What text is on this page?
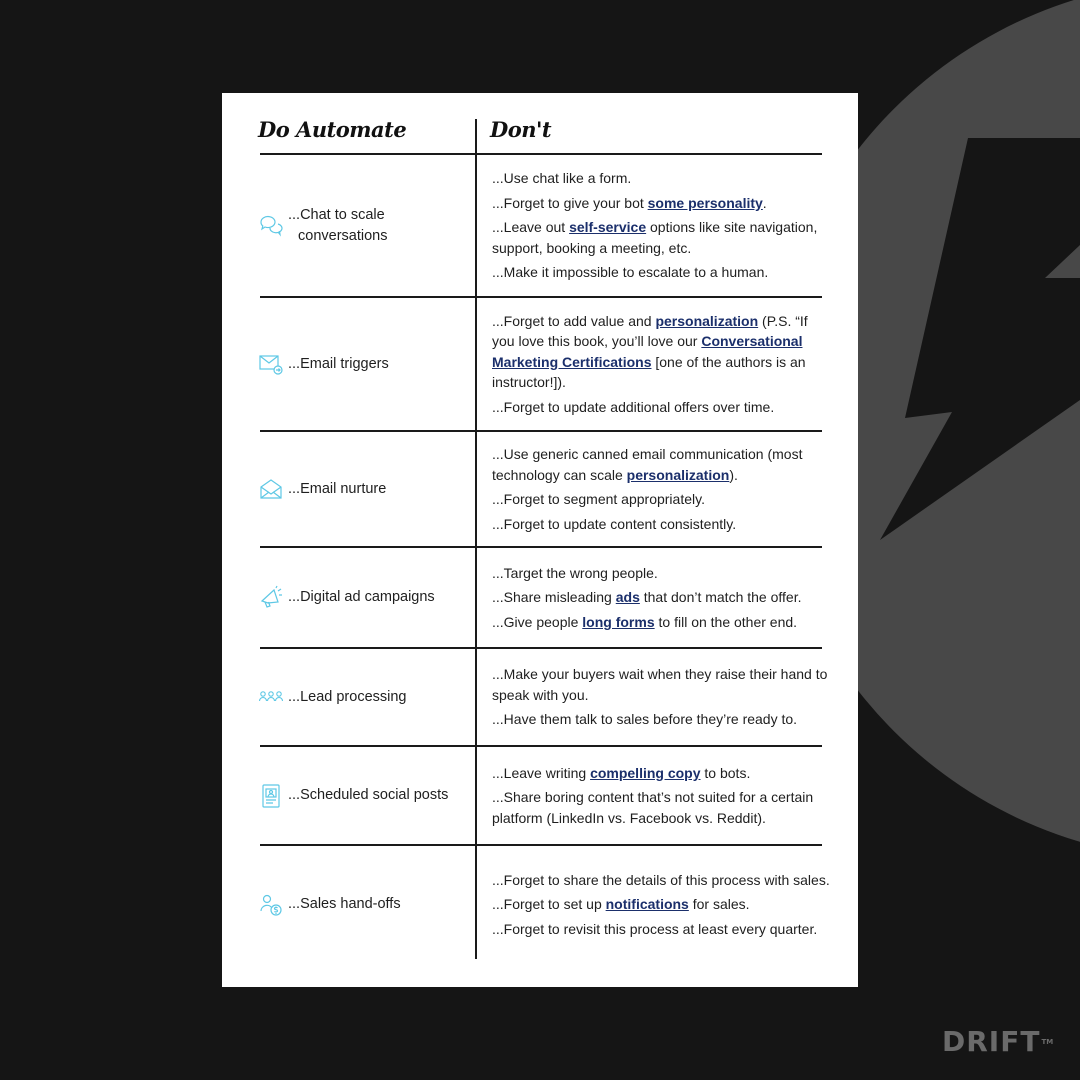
Do Automate	Don't
...Chat to scale conversations

...Use chat like a form.

...Forget to give your bot some personality.

...Leave out self-service options like site navigation, support, booking a meeting, etc.

...Make it impossible to escalate to a human.

...Email triggers

...Forget to add value and personalization (P.S. “If you love this book, you’ll love our Conversational Marketing Certifications [one of the authors is an instructor!]).

...Forget to update additional offers over time.

...Email nurture

...Use generic canned email communication (most technology can scale personalization).

...Forget to segment appropriately.

...Forget to update content consistently.

...Digital ad campaigns

...Target the wrong people.

...Share misleading ads that don’t match the offer.

...Give people long forms to fill on the other end.

...Lead processing

...Make your buyers wait when they raise their hand to speak with you.

...Have them talk to sales before they’re ready to.

...Scheduled social posts

...Leave writing compelling copy to bots.

...Share boring content that’s not suited for a certain platform (LinkedIn vs. Facebook vs. Reddit).

...Sales hand-offs

...Forget to share the details of this process with sales.

...Forget to set up notifications for sales.

...Forget to revisit this process at least every quarter.

DRIFT™
